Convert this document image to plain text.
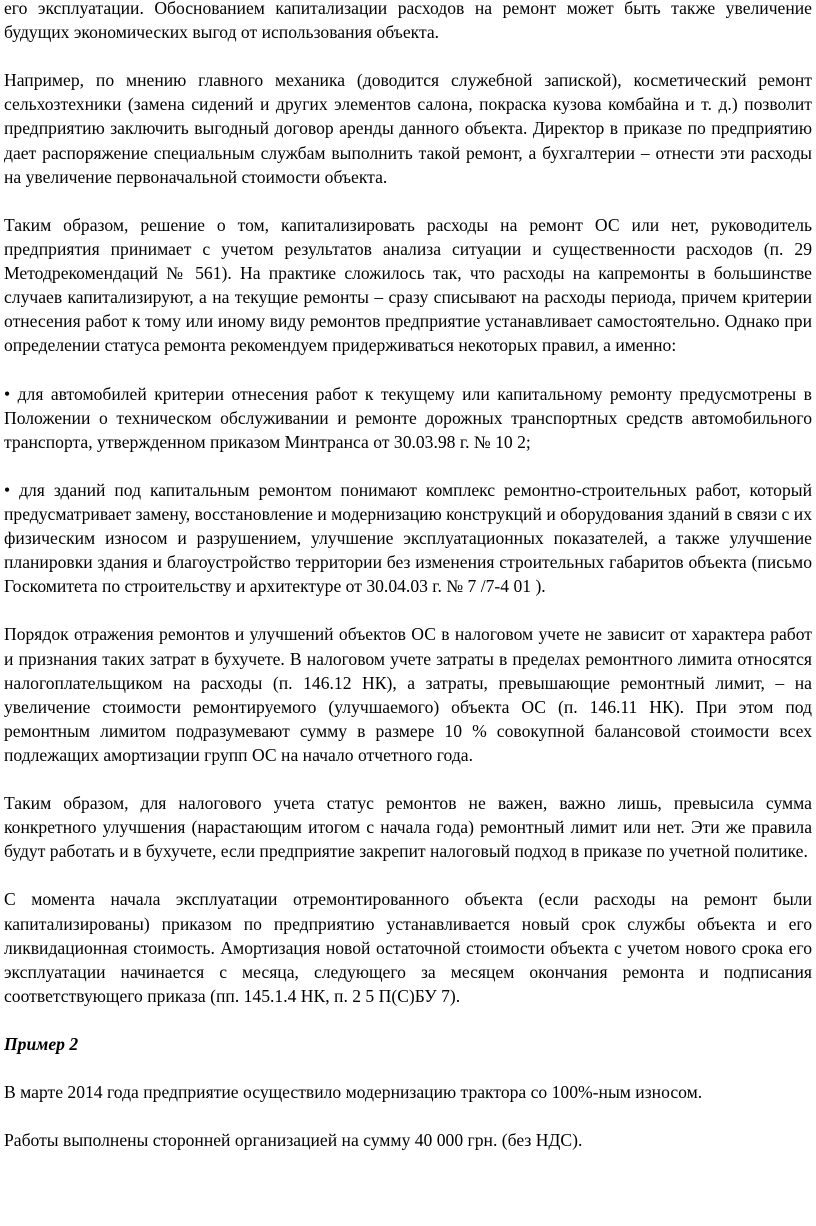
его эксплуатации. Обоснованием капитализации расходов на ремонт может быть также увеличение будущих экономических выгод от использования объекта.

Например, по мнению главного механика (доводится служебной запиской), косметический ремонт сельхозтехники (замена сидений и других элементов салона, покраска кузова комбайна и т. д.) позволит предприятию заключить выгодный договор аренды данного объекта. Директор в приказе по предприятию дает распоряжение специальным службам выполнить такой ремонт, а бухгалтерии – отнести эти расходы на увеличение первоначальной стоимости объекта.

Таким образом, решение о том, капитализировать расходы на ремонт ОС или нет, руководитель предприятия принимает с учетом результатов анализа ситуации и существенности расходов (п. 29 Методрекомендаций № 561). На практике сложилось так, что расходы на капремонты в большинстве случаев капитализируют, а на текущие ремонты – сразу списывают на расходы периода, причем критерии отнесения работ к тому или иному виду ремонтов предприятие устанавливает самостоятельно. Однако при определении статуса ремонта рекомендуем придерживаться некоторых правил, а именно:

• для автомобилей критерии отнесения работ к текущему или капитальному ремонту предусмотрены в Положении о техническом обслуживании и ремонте дорожных транспортных средств автомобильного транспорта, утвержденном приказом Минтранса от 30.03.98 г. № 10 2;

• для зданий под капитальным ремонтом понимают комплекс ремонтно-строительных работ, который предусматривает замену, восстановление и модернизацию конструкций и оборудования зданий в связи с их физическим износом и разрушением, улучшение эксплуатационных показателей, а также улучшение планировки здания и благоустройство территории без изменения строительных габаритов объекта (письмо Госкомитета по строительству и архитектуре от 30.04.03 г. № 7 /7-4 01 ).

Порядок отражения ремонтов и улучшений объектов ОС в налоговом учете не зависит от характера работ и признания таких затрат в бухучете. В налоговом учете затраты в пределах ремонтного лимита относятся налогоплательщиком на расходы (п. 146.12 НК), а затраты, превышающие ремонтный лимит, – на увеличение стоимости ремонтируемого (улучшаемого) объекта ОС (п. 146.11 НК). При этом под ремонтным лимитом подразумевают сумму в размере 10 % совокупной балансовой стоимости всех подлежащих амортизации групп ОС на начало отчетного года.

Таким образом, для налогового учета статус ремонтов не важен, важно лишь, превысила сумма конкретного улучшения (нарастающим итогом с начала года) ремонтный лимит или нет. Эти же правила будут работать и в бухучете, если предприятие закрепит налоговый подход в приказе по учетной политике.

С момента начала эксплуатации отремонтированного объекта (если расходы на ремонт были капитализированы) приказом по предприятию устанавливается новый срок службы объекта и его ликвидационная стоимость. Амортизация новой остаточной стоимости объекта с учетом нового срока его эксплуатации начинается с месяца, следующего за месяцем окончания ремонта и подписания соответствующего приказа (пп. 145.1.4 НК, п. 2 5 П(С)БУ 7).

Пример 2

В марте 2014 года предприятие осуществило модернизацию трактора со 100%-ным износом.

Работы выполнены сторонней организацией на сумму 40 000 грн. (без НДС).
